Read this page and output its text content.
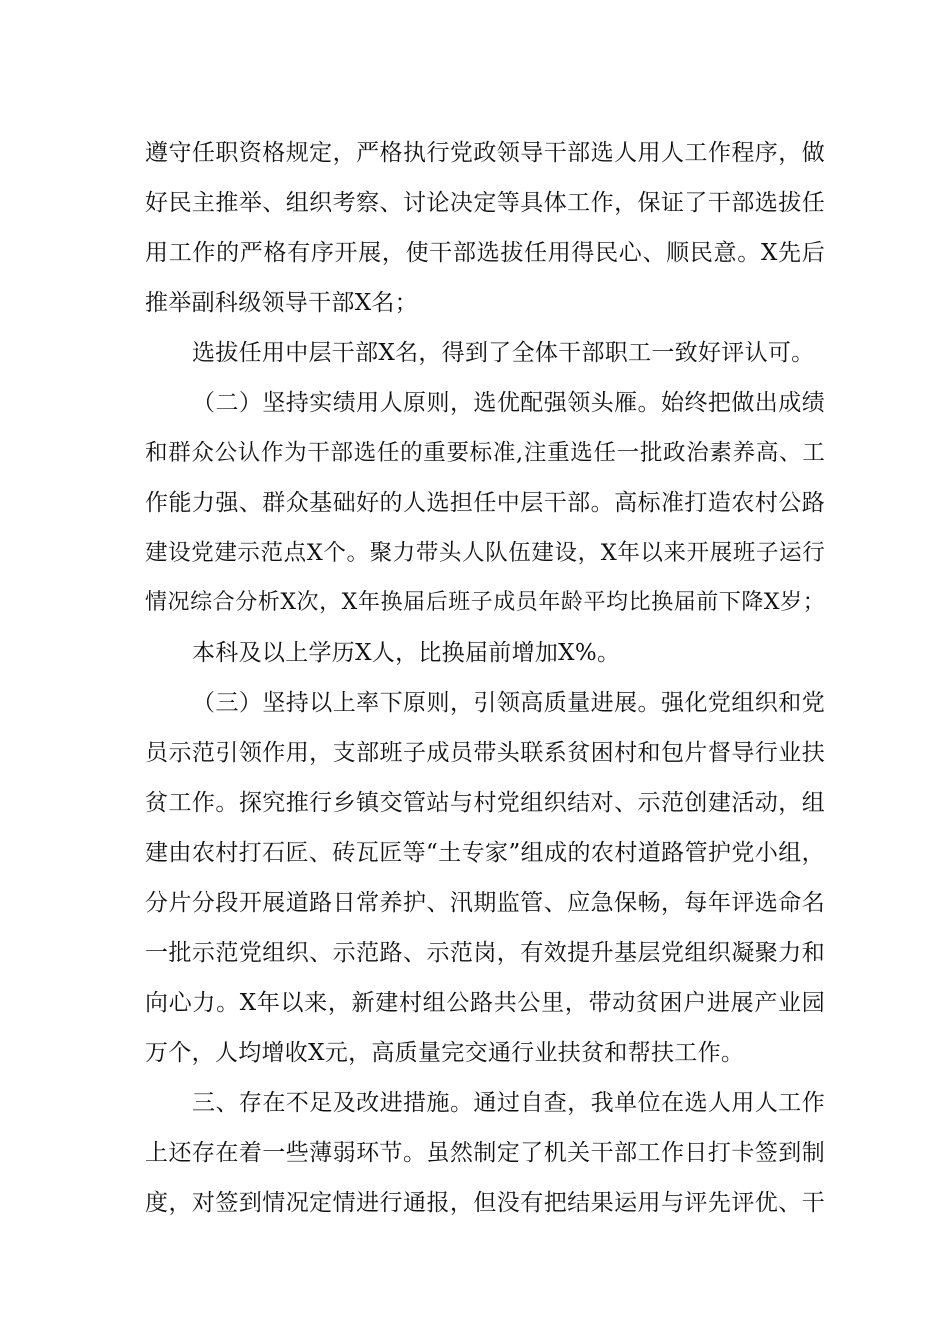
遵守任职资格规定，严格执行党政领导干部选人用人工作程序，做
好民主推举、组织考察、讨论决定等具体工作，保证了干部选拔任
用工作的严格有序开展，使干部选拔任用得民心、顺民意。X先后
推举副科级领导干部X名；
选拔任用中层干部X名，得到了全体干部职工一致好评认可。
（二）坚持实绩用人原则，选优配强领头雁。始终把做出成绩
和群众公认作为干部选任的重要标准,注重选任一批政治素养高、工
作能力强、群众基础好的人选担任中层干部。高标准打造农村公路
建设党建示范点X个。聚力带头人队伍建设，X年以来开展班子运行
情况综合分析X次，X年换届后班子成员年龄平均比换届前下降X岁；
本科及以上学历X人，比换届前增加X%。
（三）坚持以上率下原则，引领高质量进展。强化党组织和党
员示范引领作用，支部班子成员带头联系贫困村和包片督导行业扶
贫工作。探究推行乡镇交管站与村党组织结对、示范创建活动，组
建由农村打石匠、砖瓦匠等“土专家”组成的农村道路管护党小组，
分片分段开展道路日常养护、汛期监管、应急保畅，每年评选命名
一批示范党组织、示范路、示范岗，有效提升基层党组织凝聚力和
向心力。X年以来，新建村组公路共公里，带动贫困户进展产业园
万个，人均增收X元，高质量完交通行业扶贫和帮扶工作。
三、存在不足及改进措施。通过自查，我单位在选人用人工作
上还存在着一些薄弱环节。虽然制定了机关干部工作日打卡签到制
度，对签到情况定情进行通报，但没有把结果运用与评先评优、干
